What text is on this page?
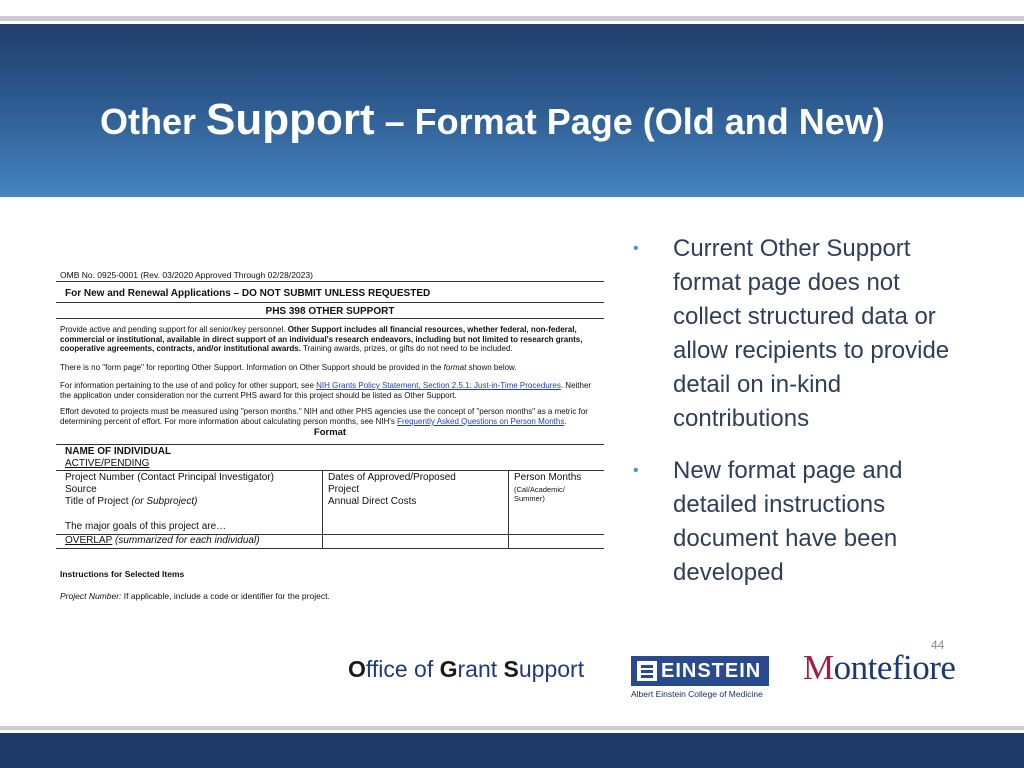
Other Support – Format Page (Old and New)
OMB No. 0925-0001 (Rev. 03/2020 Approved Through 02/28/2023)
For New and Renewal Applications – DO NOT SUBMIT UNLESS REQUESTED
PHS 398 OTHER SUPPORT

Provide active and pending support for all senior/key personnel. Other Support includes all financial resources, whether federal, non-federal, commercial or institutional, available in direct support of an individual's research endeavors, including but not limited to research grants, cooperative agreements, contracts, and/or institutional awards. Training awards, prizes, or gifts do not need to be included.

There is no "form page" for reporting Other Support. Information on Other Support should be provided in the format shown below.

For information pertaining to the use of and policy for other support, see NIH Grants Policy Statement, Section 2.5.1: Just-in-Time Procedures. Neither the application under consideration nor the current PHS award for this project should be listed as Other Support.

Effort devoted to projects must be measured using "person months." NIH and other PHS agencies use the concept of "person months" as a metric for determining percent of effort. For more information about calculating person months, see NIH's Frequently Asked Questions on Person Months.

Format
NAME OF INDIVIDUAL
ACTIVE/PENDING
Project Number (Contact Principal Investigator)
Source
Title of Project (or Subproject)
The major goals of this project are…
Dates of Approved/Proposed
Project
Annual Direct Costs
Person Months
(Cal/Academic/ Summer)
OVERLAP (summarized for each individual)
Instructions for Selected Items
Project Number: If applicable, include a code or identifier for the project.
• Current Other Support format page does not collect structured data or allow recipients to provide detail on in-kind contributions
• New format page and detailed instructions document have been developed
44
Office of Grant Support	EINSTEIN
Albert Einstein College of Medicine
Montefiore
